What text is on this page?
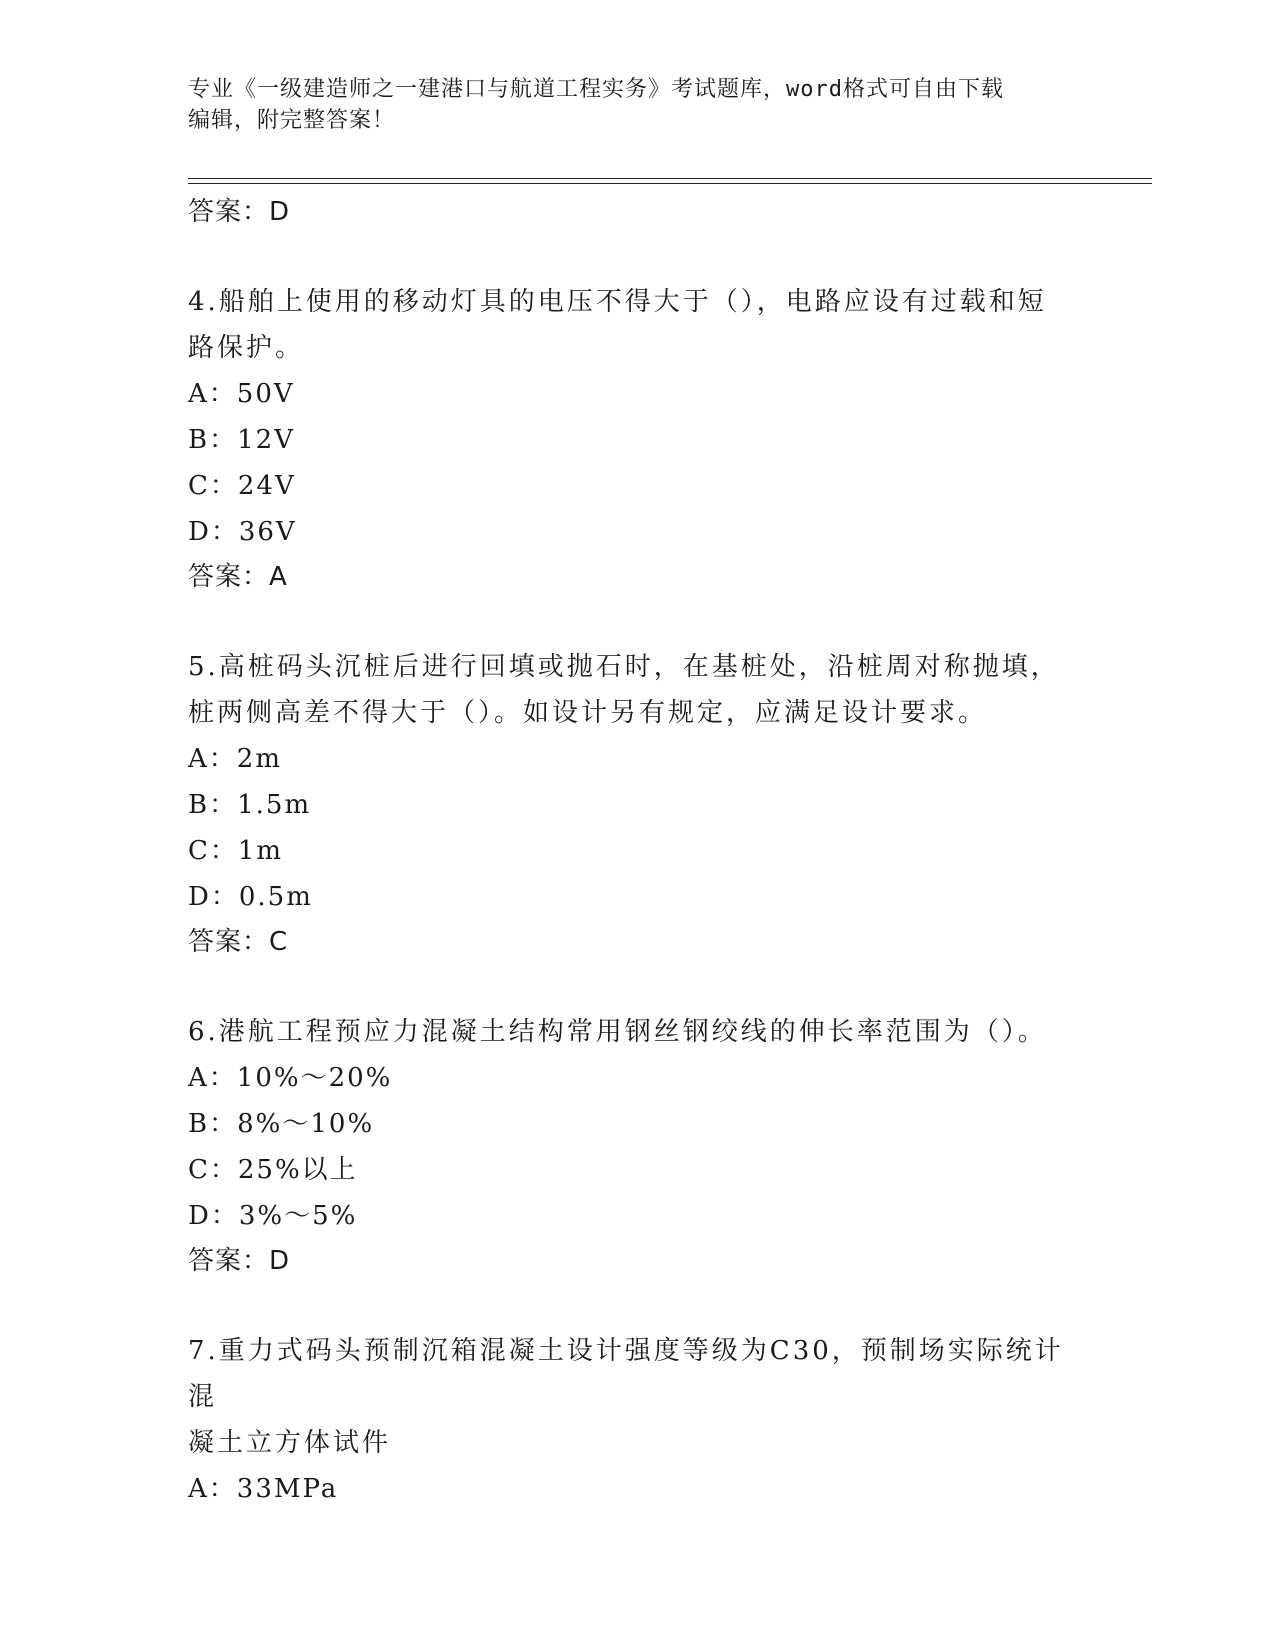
专业《一级建造师之一建港口与航道工程实务》考试题库，word格式可自由下载
编辑，附完整答案！
答案：D
4.船舶上使用的移动灯具的电压不得大于（），电路应设有过载和短
路保护。
A：50V
B：12V
C：24V
D：36V
答案：A
5.高桩码头沉桩后进行回填或抛石时，在基桩处，沿桩周对称抛填，
桩两侧高差不得大于（）。如设计另有规定，应满足设计要求。
A：2m
B：1.5m
C：1m
D：0.5m
答案：C
6.港航工程预应力混凝土结构常用钢丝钢绞线的伸长率范围为（）。
A：10%～20%
B：8%～10%
C：25%以上
D：3%～5%
答案：D
7.重力式码头预制沉箱混凝土设计强度等级为C30，预制场实际统计混
凝土立方体试件
A：33MPa
